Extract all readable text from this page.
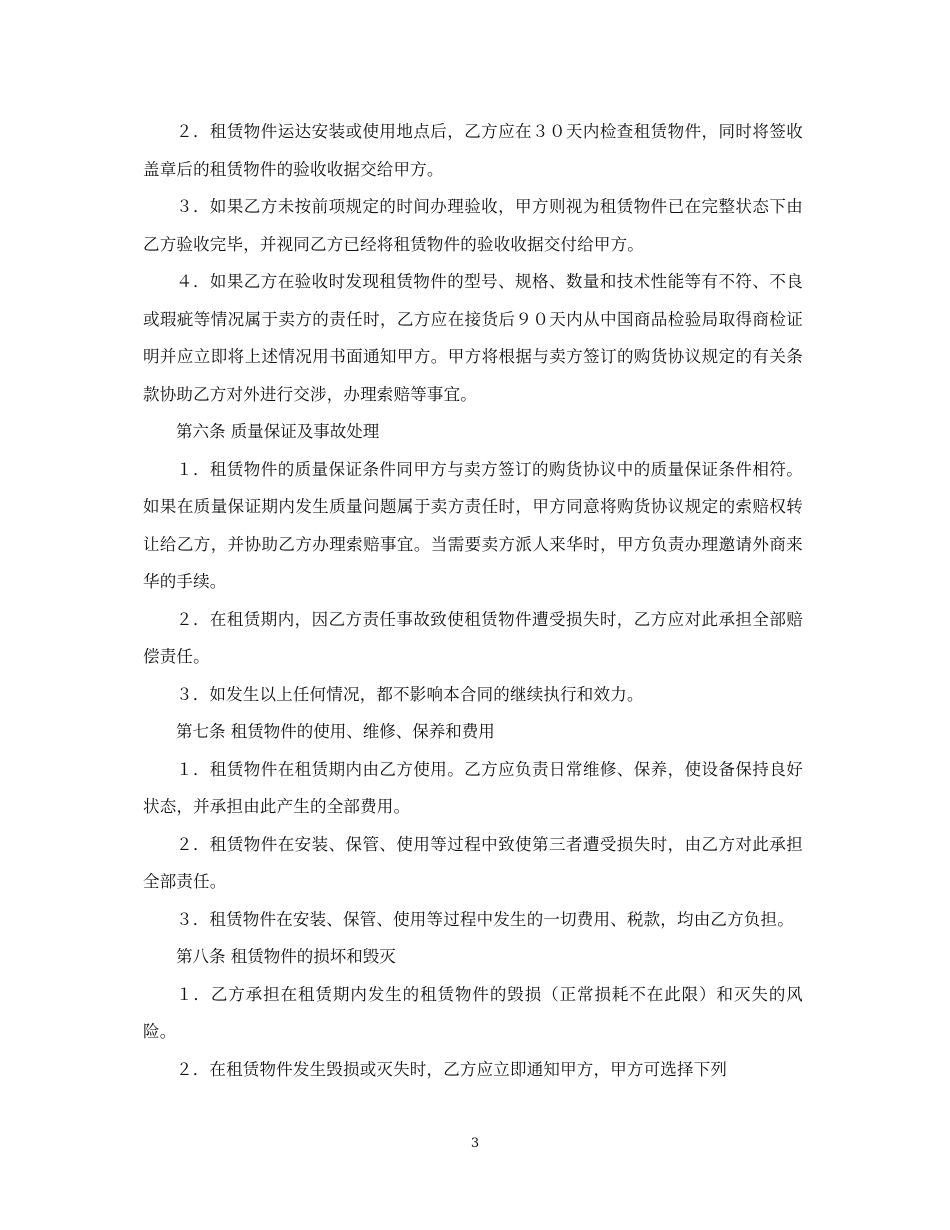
２．租赁物件运达安装或使用地点后，乙方应在３０天内检查租赁物件，同时将签收盖章后的租赁物件的验收收据交给甲方。

３．如果乙方未按前项规定的时间办理验收，甲方则视为租赁物件已在完整状态下由乙方验收完毕，并视同乙方已经将租赁物件的验收收据交付给甲方。

４．如果乙方在验收时发现租赁物件的型号、规格、数量和技术性能等有不符、不良或瑕疵等情况属于卖方的责任时，乙方应在接货后９０天内从中国商品检验局取得商检证明并应立即将上述情况用书面通知甲方。甲方将根据与卖方签订的购货协议规定的有关条款协助乙方对外进行交涉，办理索赔等事宜。

第六条 质量保证及事故处理

１．租赁物件的质量保证条件同甲方与卖方签订的购货协议中的质量保证条件相符。如果在质量保证期内发生质量问题属于卖方责任时，甲方同意将购货协议规定的索赔权转让给乙方，并协助乙方办理索赔事宜。当需要卖方派人来华时，甲方负责办理邀请外商来华的手续。

２．在租赁期内，因乙方责任事故致使租赁物件遭受损失时，乙方应对此承担全部赔偿责任。

３．如发生以上任何情况，都不影响本合同的继续执行和效力。

第七条 租赁物件的使用、维修、保养和费用

１．租赁物件在租赁期内由乙方使用。乙方应负责日常维修、保养，使设备保持良好状态，并承担由此产生的全部费用。

２．租赁物件在安装、保管、使用等过程中致使第三者遭受损失时，由乙方对此承担全部责任。

３．租赁物件在安装、保管、使用等过程中发生的一切费用、税款，均由乙方负担。

第八条 租赁物件的损坏和毁灭

１．乙方承担在租赁期内发生的租赁物件的毁损（正常损耗不在此限）和灭失的风险。

２．在租赁物件发生毁损或灭失时，乙方应立即通知甲方，甲方可选择下列

3
